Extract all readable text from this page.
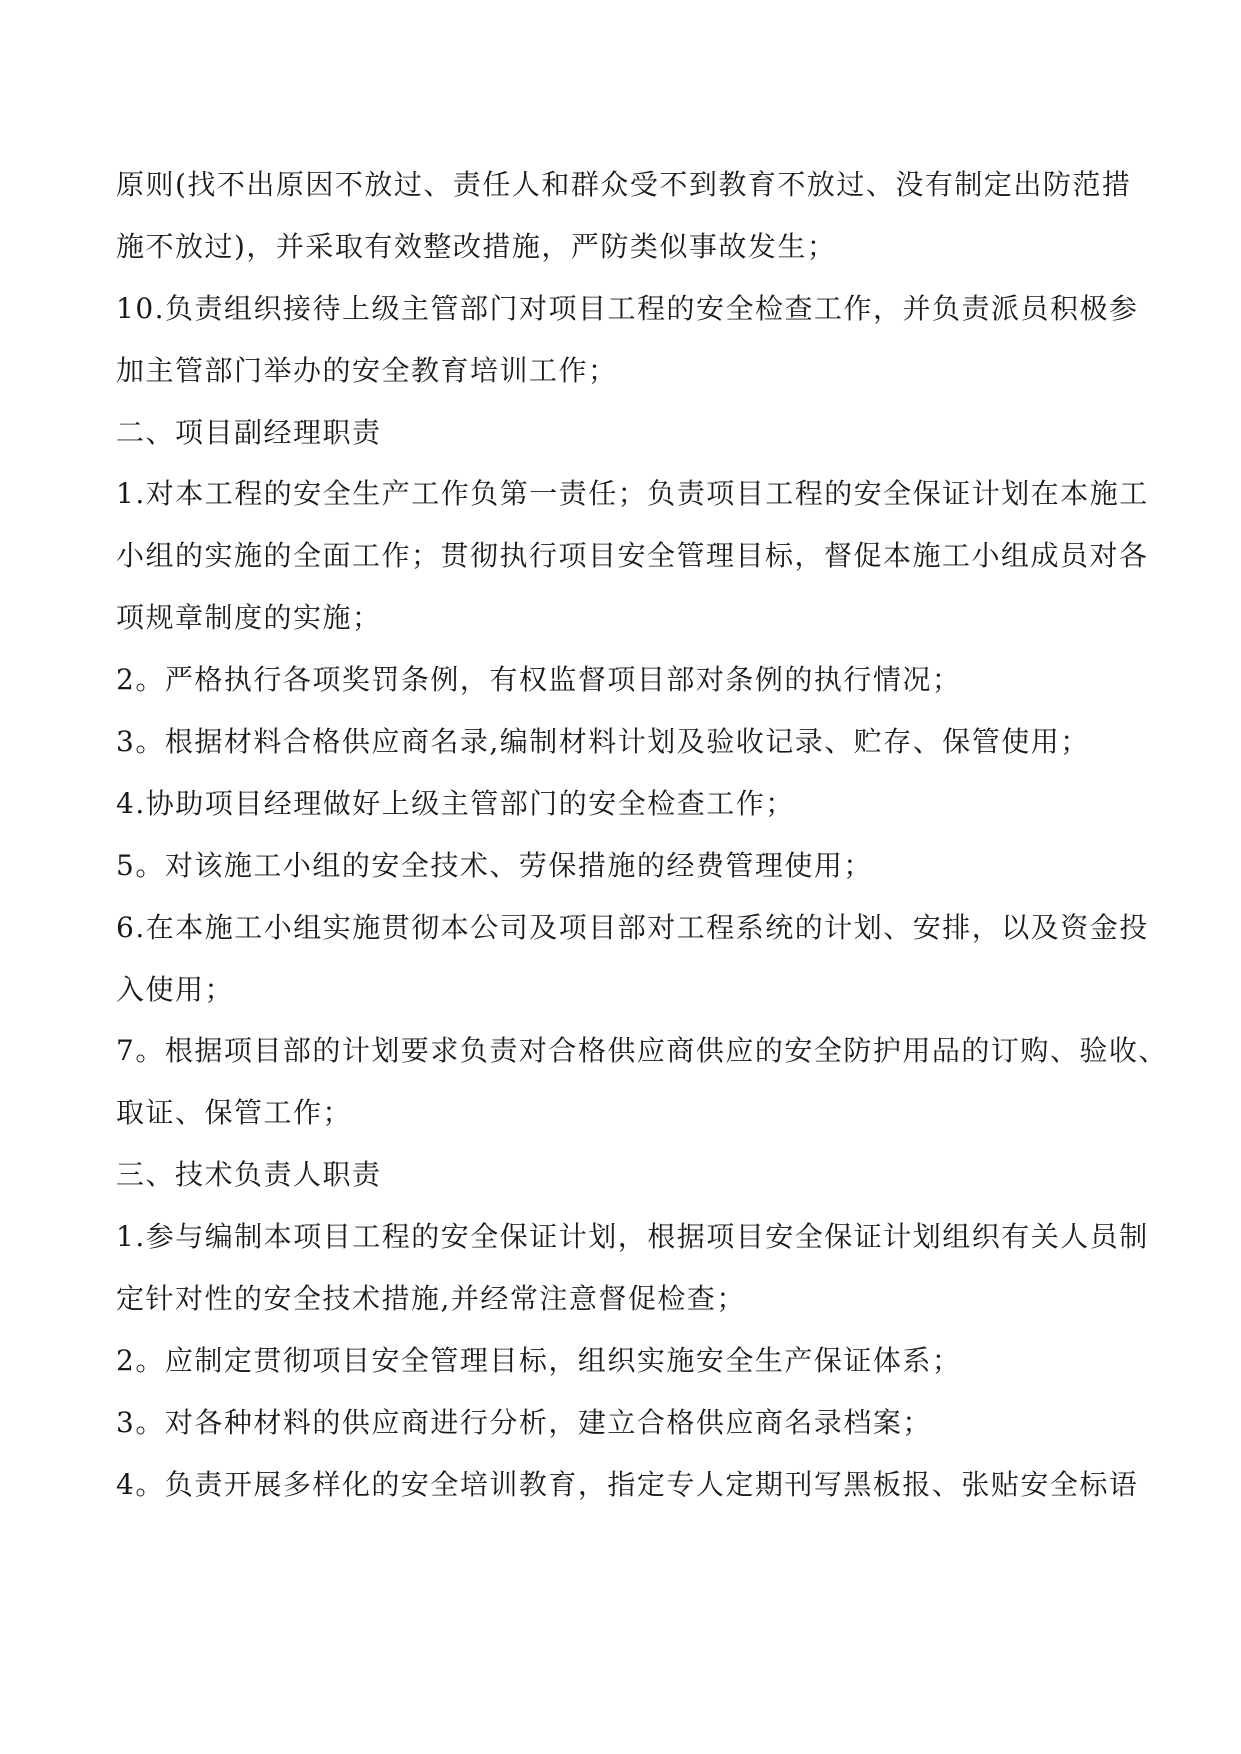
原则(找不出原因不放过、责任人和群众受不到教育不放过、没有制定出防范措
施不放过)，并采取有效整改措施，严防类似事故发生；
10.负责组织接待上级主管部门对项目工程的安全检查工作，并负责派员积极参
加主管部门举办的安全教育培训工作；
二、项目副经理职责
1.对本工程的安全生产工作负第一责任；负责项目工程的安全保证计划在本施工
小组的实施的全面工作；贯彻执行项目安全管理目标，督促本施工小组成员对各
项规章制度的实施；
2。严格执行各项奖罚条例，有权监督项目部对条例的执行情况；
3。根据材料合格供应商名录,编制材料计划及验收记录、贮存、保管使用；
4.协助项目经理做好上级主管部门的安全检查工作；
5。对该施工小组的安全技术、劳保措施的经费管理使用；
6.在本施工小组实施贯彻本公司及项目部对工程系统的计划、安排，以及资金投
入使用；
7。根据项目部的计划要求负责对合格供应商供应的安全防护用品的订购、验收、
取证、保管工作；
三、技术负责人职责
1.参与编制本项目工程的安全保证计划，根据项目安全保证计划组织有关人员制
定针对性的安全技术措施,并经常注意督促检查；
2。应制定贯彻项目安全管理目标，组织实施安全生产保证体系；
3。对各种材料的供应商进行分析，建立合格供应商名录档案；
4。负责开展多样化的安全培训教育，指定专人定期刊写黑板报、张贴安全标语
